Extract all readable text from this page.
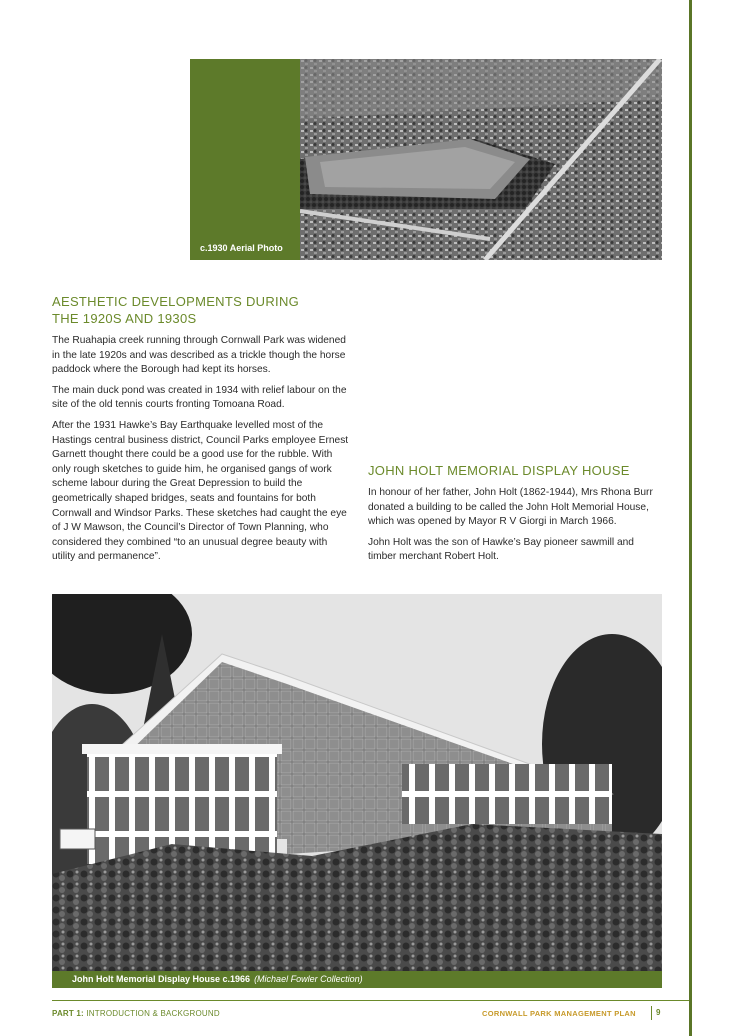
c.1930 Aerial Photo
AESTHETIC DEVELOPMENTS DURING
THE 1920S AND 1930S

The Ruahapia creek running through Cornwall Park was widened in the late 1920s and was described as a trickle though the horse paddock where the Borough had kept its horses.

The main duck pond was created in 1934 with relief labour on the site of the old tennis courts fronting Tomoana Road.

After the 1931 Hawke’s Bay Earthquake levelled most of the Hastings central business district, Council Parks employee Ernest Garnett thought there could be a good use for the rubble. With only rough sketches to guide him, he organised gangs of work scheme labour during the Great Depression to build the geometrically shaped bridges, seats and fountains for both Cornwall and Windsor Parks. These sketches had caught the eye of J W Mawson, the Council’s Director of Town Planning, who considered they combined “to an unusual degree beauty with utility and permanence”.

JOHN HOLT MEMORIAL DISPLAY HOUSE

In honour of her father, John Holt (1862-1944), Mrs Rhona Burr donated a building to be called the John Holt Memorial House, which was opened by Mayor R V Giorgi in March 1966.

John Holt was the son of Hawke’s Bay pioneer sawmill and timber merchant Robert Holt.

John Holt Memorial Display House c.1966 (Michael Fowler Collection)
PART 1: INTRODUCTION & BACKGROUND	CORNWALL PARK MANAGEMENT PLAN	9
